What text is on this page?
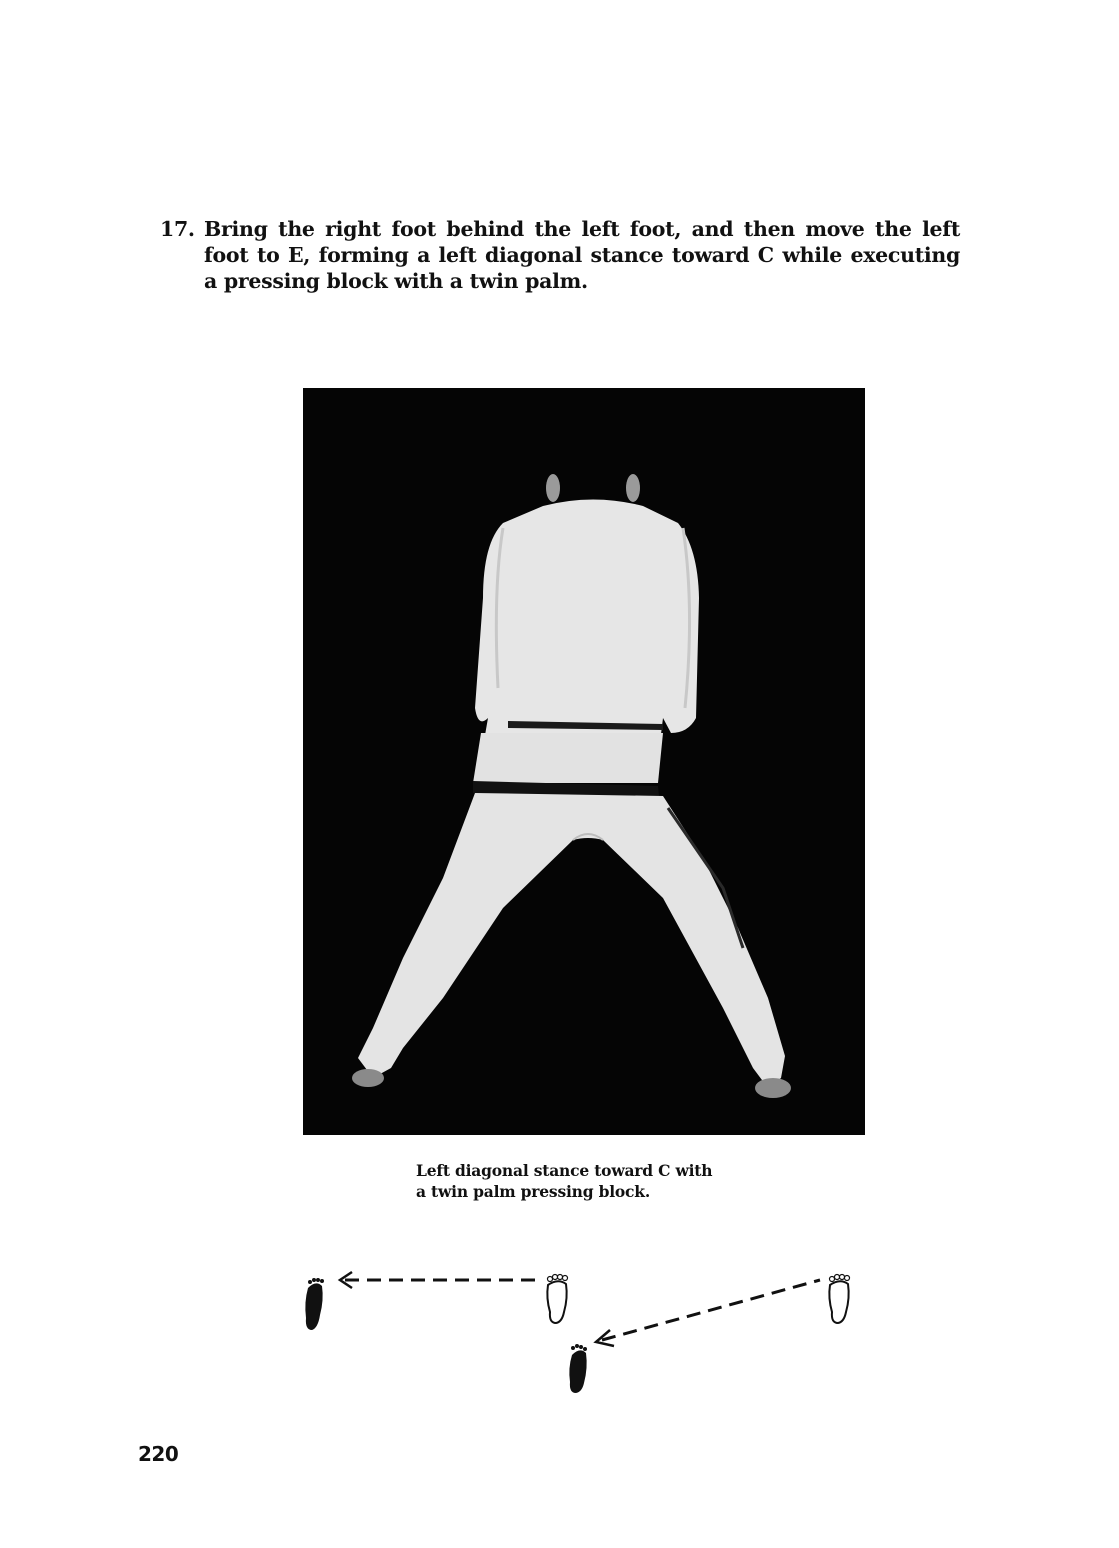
17. Bring the right foot behind the left foot, and then move the left foot to E, forming a left diagonal stance toward C while executing a pressing block with a twin palm.
Left diagonal stance toward C with
a twin palm pressing block.
220
